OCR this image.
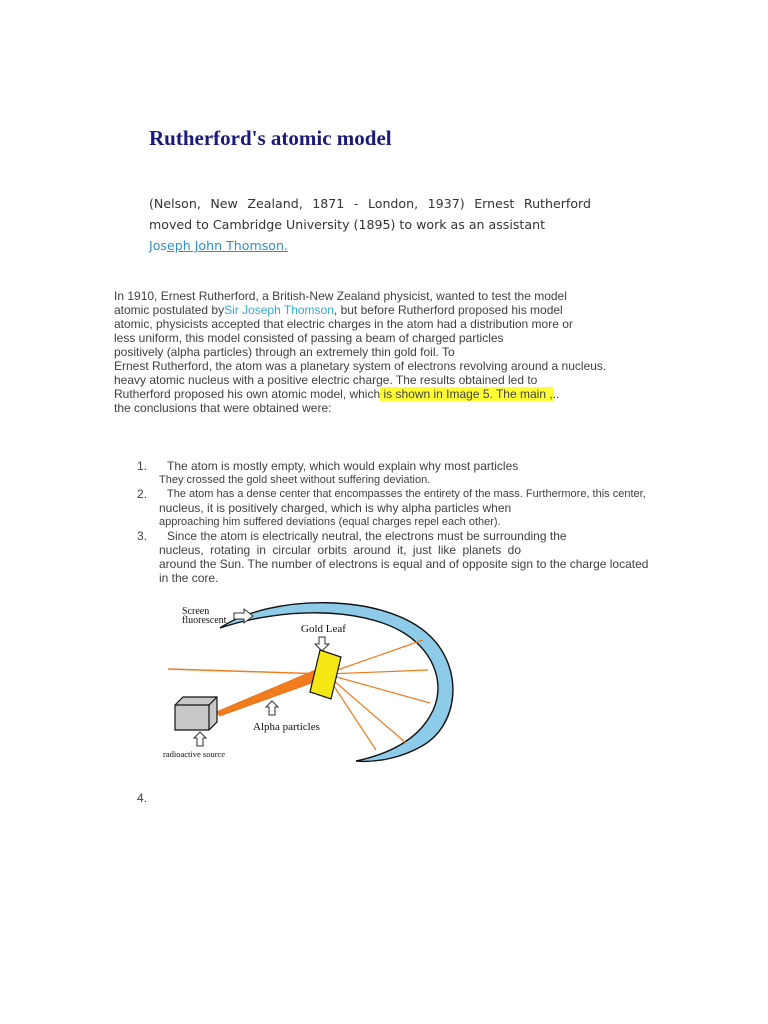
Rutherford's atomic model
(Nelson, New Zealand, 1871 - London, 1937) Ernest Rutherford
moved to Cambridge University (1895) to work as an assistant
Joseph John Thomson.
In 1910, Ernest Rutherford, a British-New Zealand physicist, wanted to test the model
atomic postulated bySir Joseph Thomson, but before Rutherford proposed his model
atomic, physicists accepted that electric charges in the atom had a distribution more or
less uniform, this model consisted of passing a beam of charged particles
positively (alpha particles) through an extremely thin gold foil. To
Ernest Rutherford, the atom was a planetary system of electrons revolving around a nucleus.
heavy atomic nucleus with a positive electric charge. The results obtained led to
Rutherford proposed his own atomic model, which is shown in Image 5. The main ,..
the conclusions that were obtained were:
1.	The atom is mostly empty, which would explain why most particles
They crossed the gold sheet without suffering deviation.
2.	The atom has a dense center that encompasses the entirety of the mass. Furthermore, this center,
nucleus, it is positively charged, which is why alpha particles when
approaching him suffered deviations (equal charges repel each other).
3.	Since the atom is electrically neutral, the electrons must be surrounding the
nucleus, rotating in circular orbits around it, just like planets do
around the Sun. The number of electrons is equal and of opposite sign to the charge located
in the core.
Screen
fluorescent
Gold Leaf
Alpha particles
radioactive source
4.
